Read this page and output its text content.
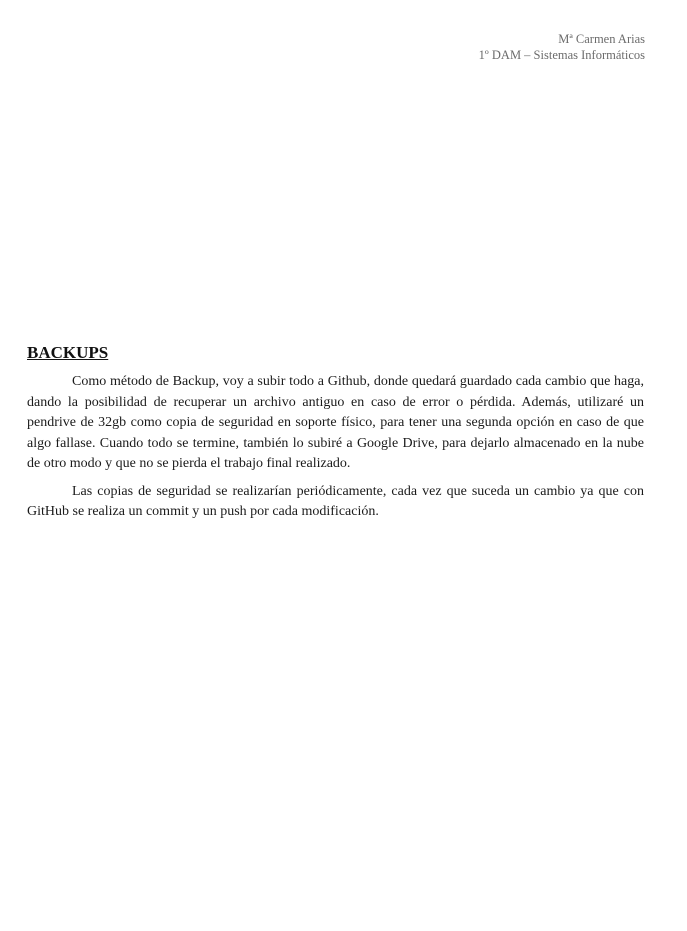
Mª Carmen Arias
1º DAM – Sistemas Informáticos
BACKUPS

Como método de Backup, voy a subir todo a Github, donde quedará guardado cada cambio que haga, dando la posibilidad de recuperar un archivo antiguo en caso de error o pérdida. Además, utilizaré un pendrive de 32gb como copia de seguridad en soporte físico, para tener una segunda opción en caso de que algo fallase. Cuando todo se termine, también lo subiré a Google Drive, para dejarlo almacenado en la nube de otro modo y que no se pierda el trabajo final realizado.

Las copias de seguridad se realizarían periódicamente, cada vez que suceda un cambio ya que con GitHub se realiza un commit y un push por cada modificación.
